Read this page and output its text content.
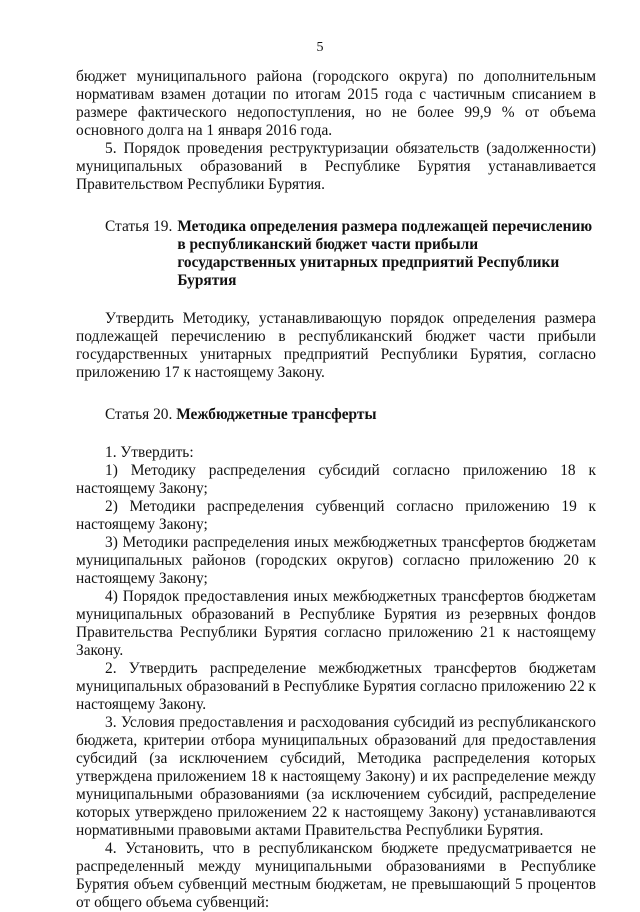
5

бюджет муниципального района (городского округа) по дополнительным нормативам взамен дотации по итогам 2015 года с частичным списанием в размере фактического недопоступления, но не более 99,9 % от объема основного долга на 1 января 2016 года.

5. Порядок проведения реструктуризации обязательств (задолженности) муниципальных образований в Республике Бурятия устанавливается Правительством Республики Бурятия.

Статья 19. Методика определения размера подлежащей перечислению в республиканский бюджет части прибыли государственных унитарных предприятий Республики Бурятия

Утвердить Методику, устанавливающую порядок определения размера подлежащей перечислению в республиканский бюджет части прибыли государственных унитарных предприятий Республики Бурятия, согласно приложению 17 к настоящему Закону.

Статья 20. Межбюджетные трансферты

1. Утвердить:

1) Методику распределения субсидий согласно приложению 18 к настоящему Закону;

2) Методики распределения субвенций согласно приложению 19 к настоящему Закону;

3) Методики распределения иных межбюджетных трансфертов бюджетам муниципальных районов (городских округов) согласно приложению 20 к настоящему Закону;

4) Порядок предоставления иных межбюджетных трансфертов бюджетам муниципальных образований в Республике Бурятия из резервных фондов Правительства Республики Бурятия согласно приложению 21 к настоящему Закону.

2. Утвердить распределение межбюджетных трансфертов бюджетам муниципальных образований в Республике Бурятия согласно приложению 22 к настоящему Закону.

3. Условия предоставления и расходования субсидий из республиканского бюджета, критерии отбора муниципальных образований для предоставления субсидий (за исключением субсидий, Методика распределения которых утверждена приложением 18 к настоящему Закону) и их распределение между муниципальными образованиями (за исключением субсидий, распределение которых утверждено приложением 22 к настоящему Закону) устанавливаются нормативными правовыми актами Правительства Республики Бурятия.

4. Установить, что в республиканском бюджете предусматривается не распределенный между муниципальными образованиями в Республике Бурятия объем субвенций местным бюджетам, не превышающий 5 процентов от общего объема субвенций:
